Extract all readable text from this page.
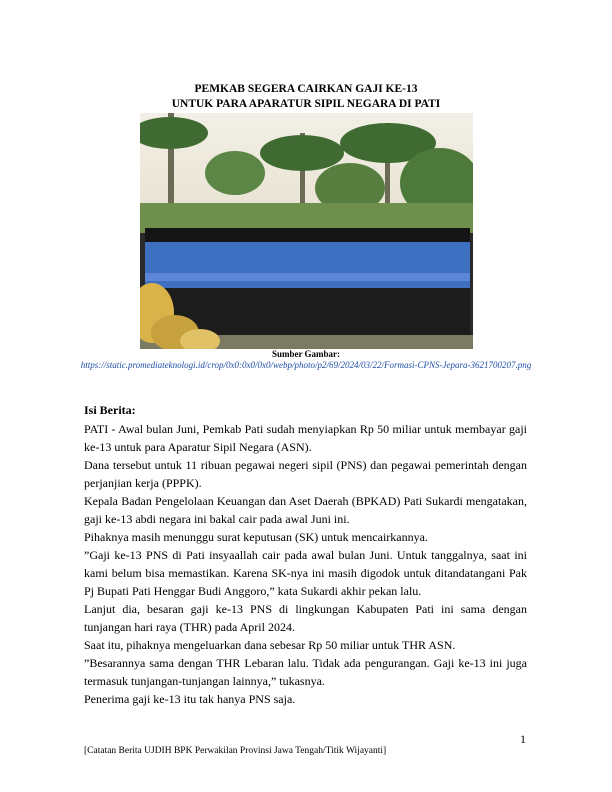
PEMKAB SEGERA CAIRKAN GAJI KE-13
UNTUK PARA APARATUR SIPIL NEGARA DI PATI
Sumber Gambar:
https://static.promediateknologi.id/crop/0x0:0x0/0x0/webp/photo/p2/69/2024/03/22/Formasi-CPNS-Jepara-3621700207.png
Isi Berita:

PATI - Awal bulan Juni, Pemkab Pati sudah menyiapkan Rp 50 miliar untuk membayar gaji ke-13 untuk para Aparatur Sipil Negara (ASN).

Dana tersebut untuk 11 ribuan pegawai negeri sipil (PNS) dan pegawai pemerintah dengan perjanjian kerja (PPPK).

Kepala Badan Pengelolaan Keuangan dan Aset Daerah (BPKAD) Pati Sukardi mengatakan, gaji ke-13 abdi negara ini bakal cair pada awal Juni ini.

Pihaknya masih menunggu surat keputusan (SK) untuk mencairkannya.

”Gaji ke-13 PNS di Pati insyaallah cair pada awal bulan Juni. Untuk tanggalnya, saat ini kami belum bisa memastikan. Karena SK-nya ini masih digodok untuk ditandatangani Pak Pj Bupati Pati Henggar Budi Anggoro,” kata Sukardi akhir pekan lalu.

Lanjut dia, besaran gaji ke-13 PNS di lingkungan Kabupaten Pati ini sama dengan tunjangan hari raya (THR) pada April 2024.

Saat itu, pihaknya mengeluarkan dana sebesar Rp 50 miliar untuk THR ASN.

”Besarannya sama dengan THR Lebaran lalu. Tidak ada pengurangan. Gaji ke-13 ini juga termasuk tunjangan-tunjangan lainnya,” tukasnya.

Penerima gaji ke-13 itu tak hanya PNS saja.

1
[Catatan Berita UJDIH BPK Perwakilan Provinsi Jawa Tengah/Titik Wijayanti]
